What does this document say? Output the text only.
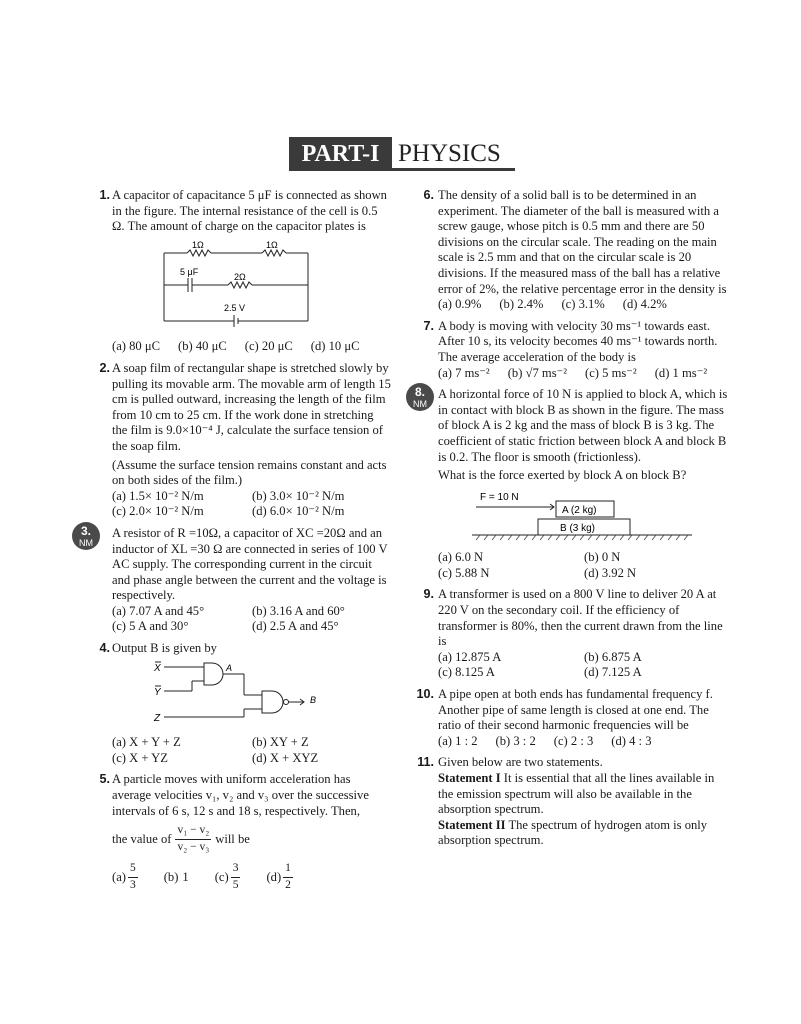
PART-I PHYSICS
1. A capacitor of capacitance 5 μF is connected as shown in the figure. The internal resistance of the cell is 0.5 Ω. The amount of charge on the capacitor plates is
1Ω	1Ω
5 μF	2Ω
2.5 V
(a) 80 μC (b) 40 μC (c) 20 μC (d) 10 μC
2. A soap film of rectangular shape is stretched slowly by pulling its movable arm. The movable arm of length 15 cm is pulled outward, increasing the length of the film from 10 cm to 25 cm. If the work done in stretching the film is 9.0×10⁻⁴ J, calculate the surface tension of the soap film.
(Assume the surface tension remains constant and acts on both sides of the film.)
(a) 1.5× 10⁻² N/m	(b) 3.0× 10⁻² N/m
(c) 2.0× 10⁻² N/m	(d) 6.0× 10⁻² N/m
3.
NM
A resistor of R =10Ω, a capacitor of XC =20Ω and an inductor of XL =30 Ω are connected in series of 100 V AC supply. The corresponding current in the circuit and phase angle between the current and the voltage is respectively.
(a) 7.07 A and 45°	(b) 3.16 A and 60°
(c) 5 A and 30°	(d) 2.5 A and 45°
4. Output B is given by
X
Y
Z
A
B
(a) X + Y + Z	(b) XY + Z
(c) X + YZ	(d) X + XYZ
5. A particle moves with uniform acceleration has average velocities v₁, v₂ and v₃ over the successive intervals of 6 s, 12 s and 18 s, respectively. Then,
the value of $\frac{\text{v₁ − v₂}}{\text{v₂ − v₃}}$ will be
(a)
5
3
(b) 1 (c)
3
5
(d)
1
2
6. The density of a solid ball is to be determined in an experiment. The diameter of the ball is measured with a screw gauge, whose pitch is 0.5 mm and there are 50 divisions on the circular scale. The reading on the main scale is 2.5 mm and that on the circular scale is 20 divisions. If the measured mass of the ball has a relative error of 2%, the relative percentage error in the density is
(a) 0.9% (b) 2.4% (c) 3.1% (d) 4.2%
7. A body is moving with velocity 30 ms⁻¹ towards east. After 10 s, its velocity becomes 40 ms⁻¹ towards north. The average acceleration of the body is
(a) 7 ms⁻² (b) √7 ms⁻² (c) 5 ms⁻² (d) 1 ms⁻²
8.
NM
A horizontal force of 10 N is applied to block A, which is in contact with block B as shown in the figure. The mass of block A is 2 kg and the mass of block B is 3 kg. The coefficient of static friction between block A and block B is 0.2. The floor is smooth (frictionless).
What is the force exerted by block A on block B?
F = 10 N
A (2 kg)
B (3 kg)
(a) 6.0 N	(b) 0 N
(c) 5.88 N	(d) 3.92 N
9. A transformer is used on a 800 V line to deliver 20 A at 220 V on the secondary coil. If the efficiency of transformer is 80%, then the current drawn from the line is
(a) 12.875 A	(b) 6.875 A
(c) 8.125 A	(d) 7.125 A
10. A pipe open at both ends has fundamental frequency f. Another pipe of same length is closed at one end. The ratio of their second harmonic frequencies will be
(a) 1 : 2 (b) 3 : 2 (c) 2 : 3 (d) 4 : 3
11. Given below are two statements.
Statement I It is essential that all the lines available in the emission spectrum will also be available in the absorption spectrum.
Statement II The spectrum of hydrogen atom is only absorption spectrum.
